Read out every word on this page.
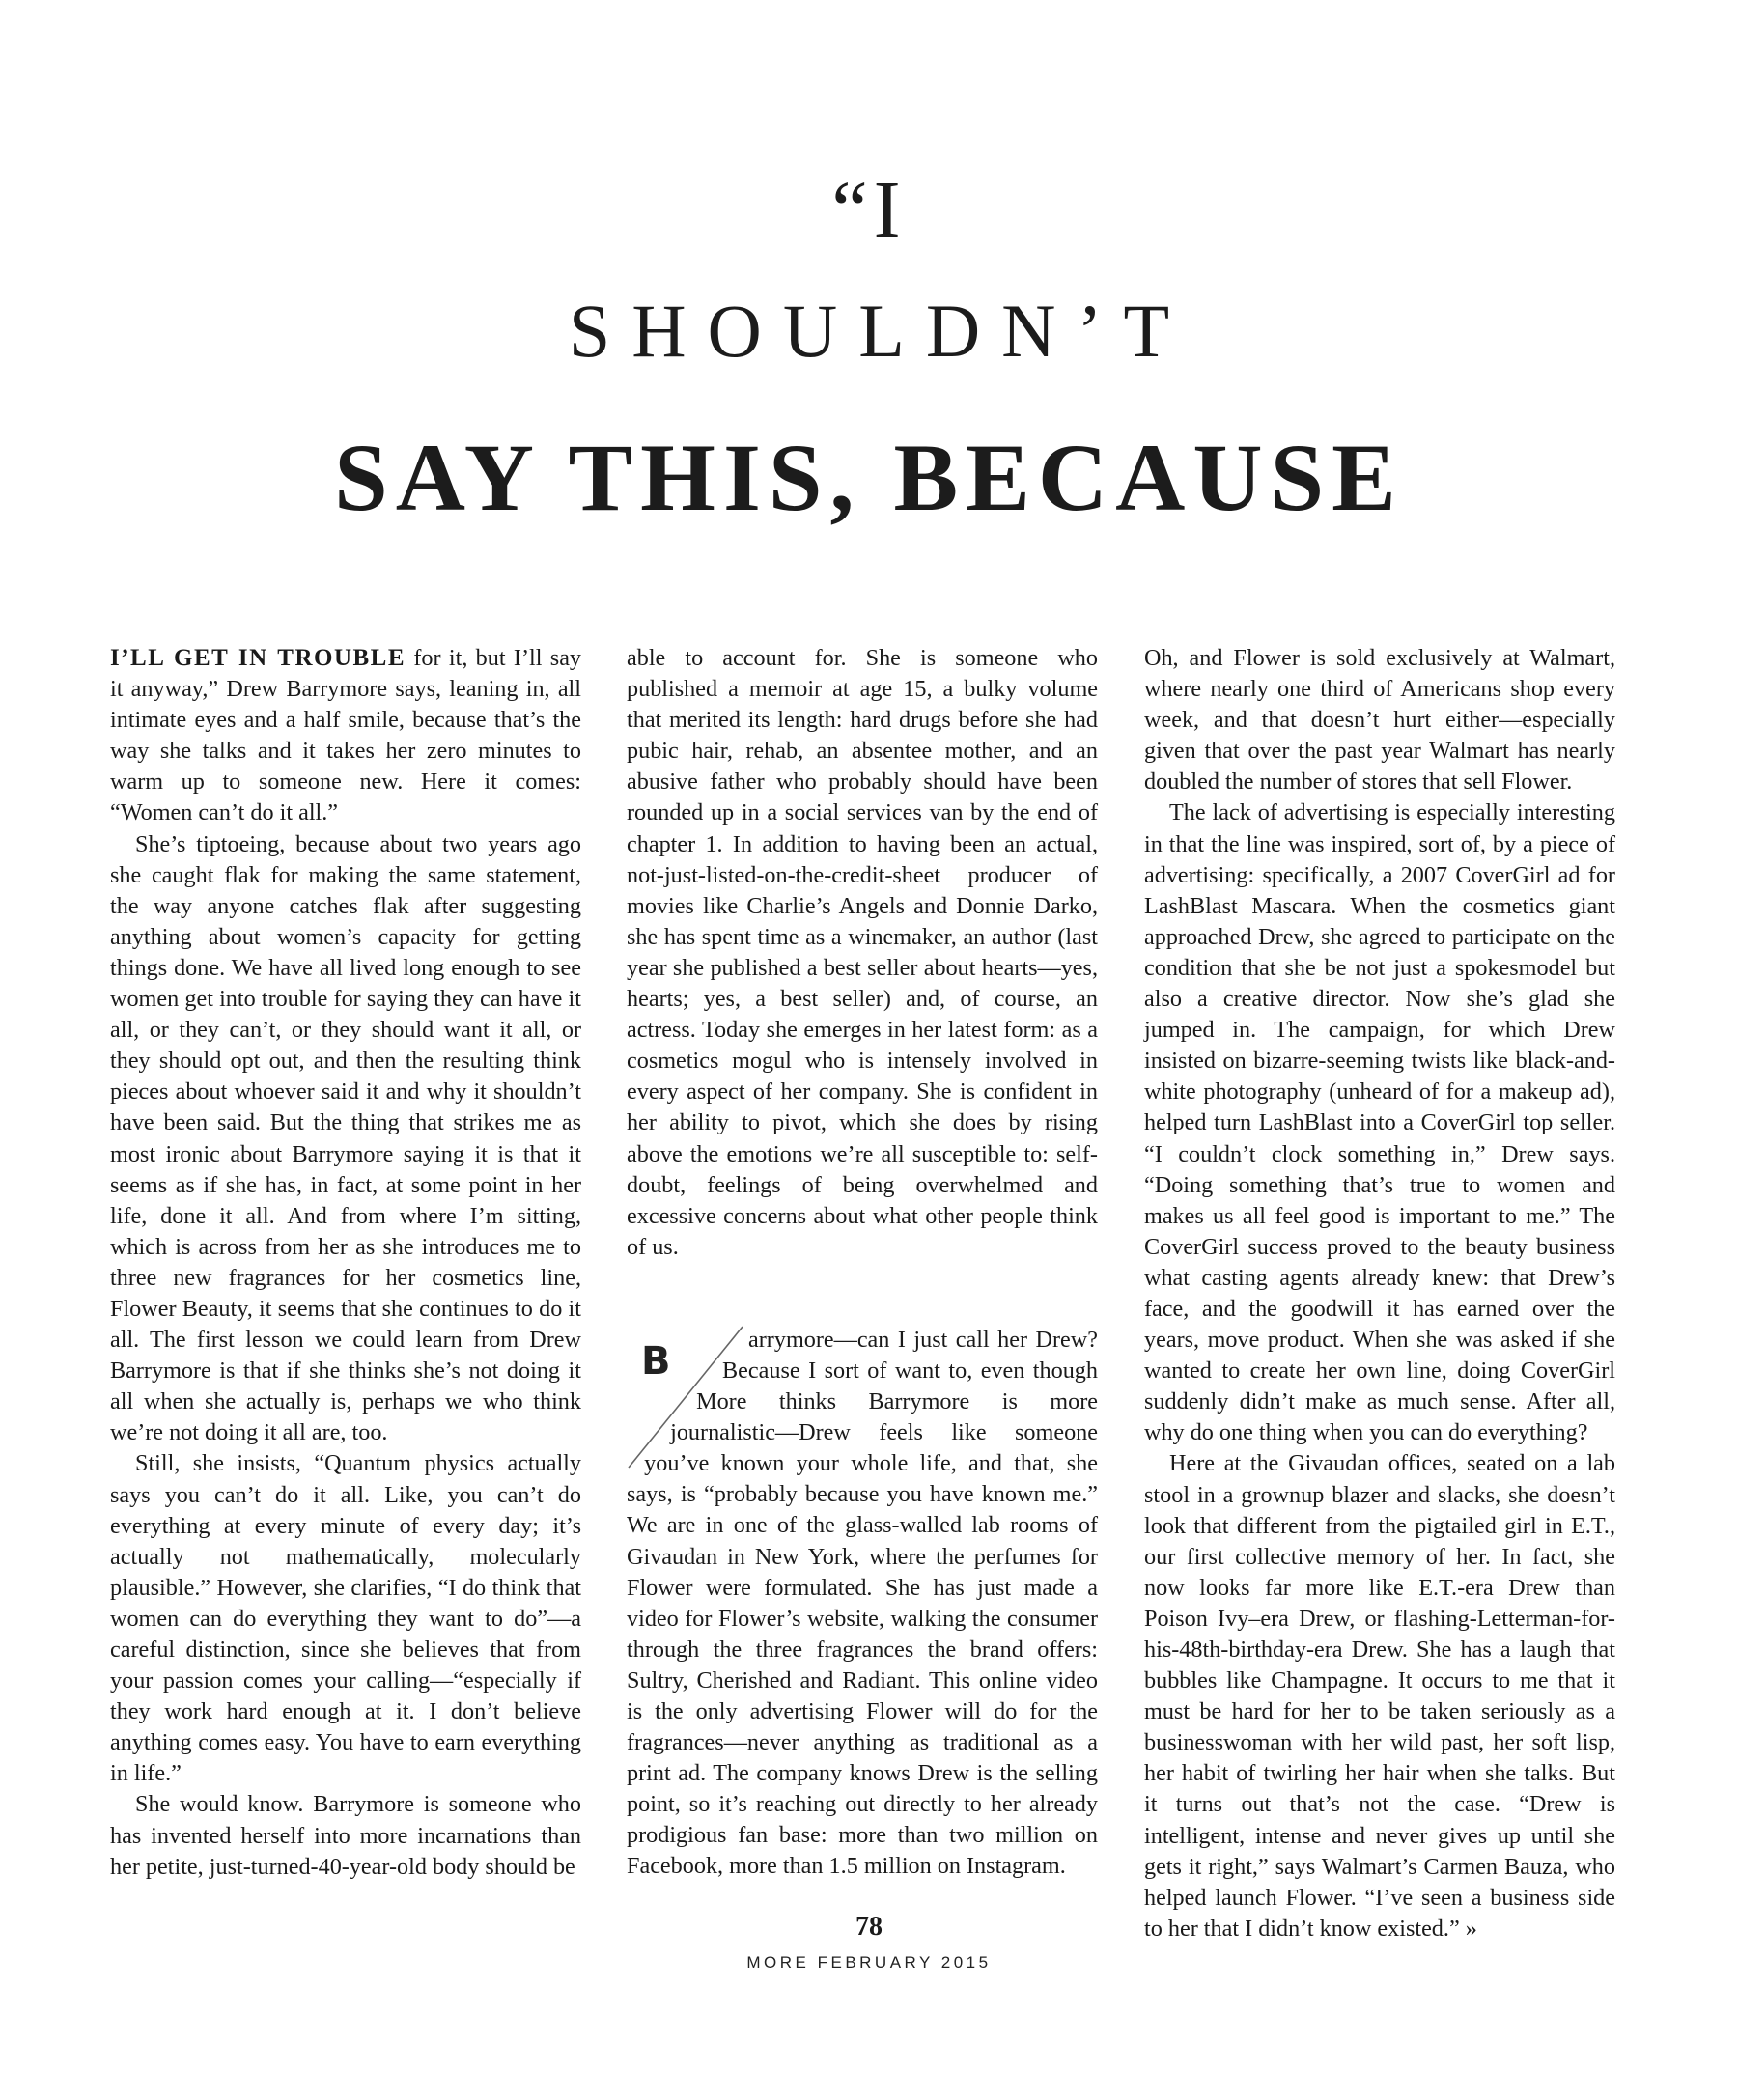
“I
SHOULDN’T
SAY THIS, BECAUSE

I’LL GET IN TROUBLE for it, but I’ll say it anyway,” Drew Barrymore says, leaning in, all intimate eyes and a half smile, because that’s the way she talks and it takes her zero minutes to warm up to someone new. Here it comes: “Women can’t do it all.”

She’s tiptoeing, because about two years ago she caught flak for making the same statement, the way anyone catches flak after suggesting anything about women’s capacity for getting things done. We have all lived long enough to see women get into trouble for saying they can have it all, or they can’t, or they should want it all, or they should opt out, and then the resulting think pieces about whoever said it and why it shouldn’t have been said. But the thing that strikes me as most ironic about Barrymore saying it is that it seems as if she has, in fact, at some point in her life, done it all. And from where I’m sitting, which is across from her as she introduces me to three new fragrances for her cosmetics line, Flower Beauty, it seems that she continues to do it all. The first lesson we could learn from Drew Barrymore is that if she thinks she’s not doing it all when she actually is, perhaps we who think we’re not doing it all are, too.

Still, she insists, “Quantum physics actually says you can’t do it all. Like, you can’t do everything at every minute of every day; it’s actually not mathematically, molecularly plausible.” However, she clarifies, “I do think that women can do everything they want to do”—a careful distinction, since she believes that from your passion comes your calling—“especially if they work hard enough at it. I don’t believe anything comes easy. You have to earn everything in life.”

She would know. Barrymore is someone who has invented herself into more incarnations than her petite, just-turned-40-year-old body should be

able to account for. She is someone who published a memoir at age 15, a bulky volume that merited its length: hard drugs before she had pubic hair, rehab, an absentee mother, and an abusive father who probably should have been rounded up in a social services van by the end of chapter 1. In addition to having been an actual, not-just-listed-on-the-credit-sheet producer of movies like Charlie’s Angels and Donnie Darko, she has spent time as a winemaker, an author (last year she published a best seller about hearts—yes, hearts; yes, a best seller) and, of course, an actress. Today she emerges in her latest form: as a cosmetics mogul who is intensely involved in every aspect of her company. She is confident in her ability to pivot, which she does by rising above the emotions we’re all susceptible to: self-doubt, feelings of being overwhelmed and excessive concerns about what other people think of us.

B	arrymore—can I just call her Drew? Because I sort of want to, even though More thinks Barrymore is more journalistic—Drew feels like someone you’ve known your whole life, and that, she says, is “probably because you have known me.” We are in one of the glass-walled lab rooms of Givaudan in New York, where the perfumes for Flower were formulated. She has just made a video for Flower’s website, walking the consumer through the three fragrances the brand offers: Sultry, Cherished and Radiant. This online video is the only advertising Flower will do for the fragrances—never anything as traditional as a print ad. The company knows Drew is the selling point, so it’s reaching out directly to her already prodigious fan base: more than two million on Facebook, more than 1.5 million on Instagram.

Oh, and Flower is sold exclusively at Walmart, where nearly one third of Americans shop every week, and that doesn’t hurt either—especially given that over the past year Walmart has nearly doubled the number of stores that sell Flower.

The lack of advertising is especially interesting in that the line was inspired, sort of, by a piece of advertising: specifically, a 2007 CoverGirl ad for LashBlast Mascara. When the cosmetics giant approached Drew, she agreed to participate on the condition that she be not just a spokesmodel but also a creative director. Now she’s glad she jumped in. The campaign, for which Drew insisted on bizarre-seeming twists like black-and-white photography (unheard of for a makeup ad), helped turn LashBlast into a CoverGirl top seller. “I couldn’t clock something in,” Drew says. “Doing something that’s true to women and makes us all feel good is important to me.” The CoverGirl success proved to the beauty business what casting agents already knew: that Drew’s face, and the goodwill it has earned over the years, move product. When she was asked if she wanted to create her own line, doing CoverGirl suddenly didn’t make as much sense. After all, why do one thing when you can do everything?

Here at the Givaudan offices, seated on a lab stool in a grownup blazer and slacks, she doesn’t look that different from the pigtailed girl in E.T., our first collective memory of her. In fact, she now looks far more like E.T.-era Drew than Poison Ivy–era Drew, or flashing-Letterman-for-his-48th-birthday-era Drew. She has a laugh that bubbles like Champagne. It occurs to me that it must be hard for her to be taken seriously as a businesswoman with her wild past, her soft lisp, her habit of twirling her hair when she talks. But it turns out that’s not the case. “Drew is intelligent, intense and never gives up until she gets it right,” says Walmart’s Carmen Bauza, who helped launch Flower. “I’ve seen a business side to her that I didn’t know existed.” »

78
MORE FEBRUARY 2015
